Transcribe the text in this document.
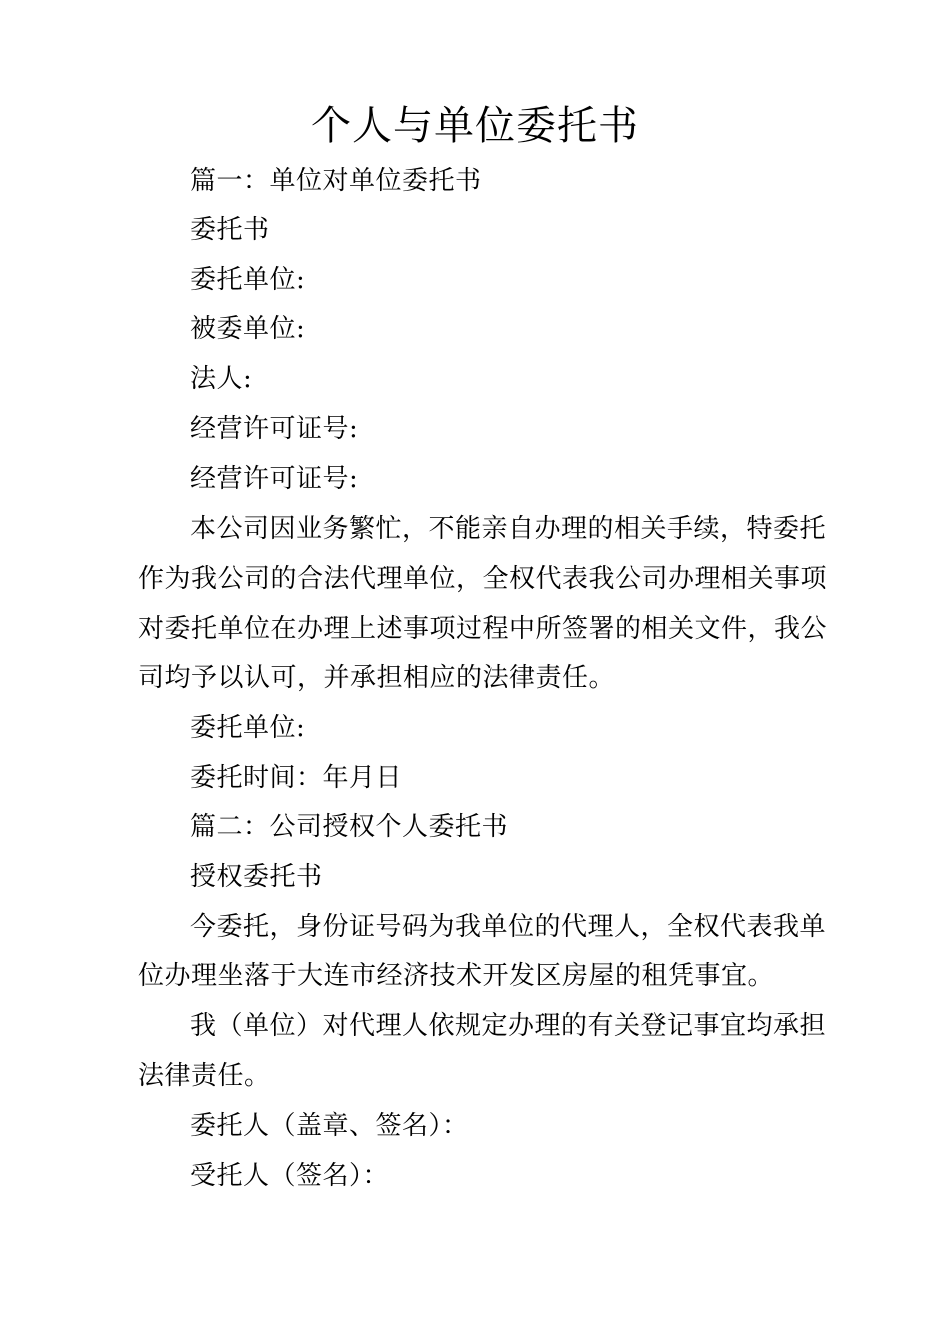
个人与单位委托书
篇一：单位对单位委托书
委托书
委托单位:
被委单位:
法人:
经营许可证号:
经营许可证号:
本公司因业务繁忙，不能亲自办理的相关手续，特委托
作为我公司的合法代理单位，全权代表我公司办理相关事项
对委托单位在办理上述事项过程中所签署的相关文件，我公
司均予以认可，并承担相应的法律责任。
委托单位:
委托时间：年月日
篇二：公司授权个人委托书
授权委托书
今委托，身份证号码为我单位的代理人，全权代表我单
位办理坐落于大连市经济技术开发区房屋的租凭事宜。
我（单位）对代理人依规定办理的有关登记事宜均承担
法律责任。
委托人（盖章、签名）：
受托人（签名）：
